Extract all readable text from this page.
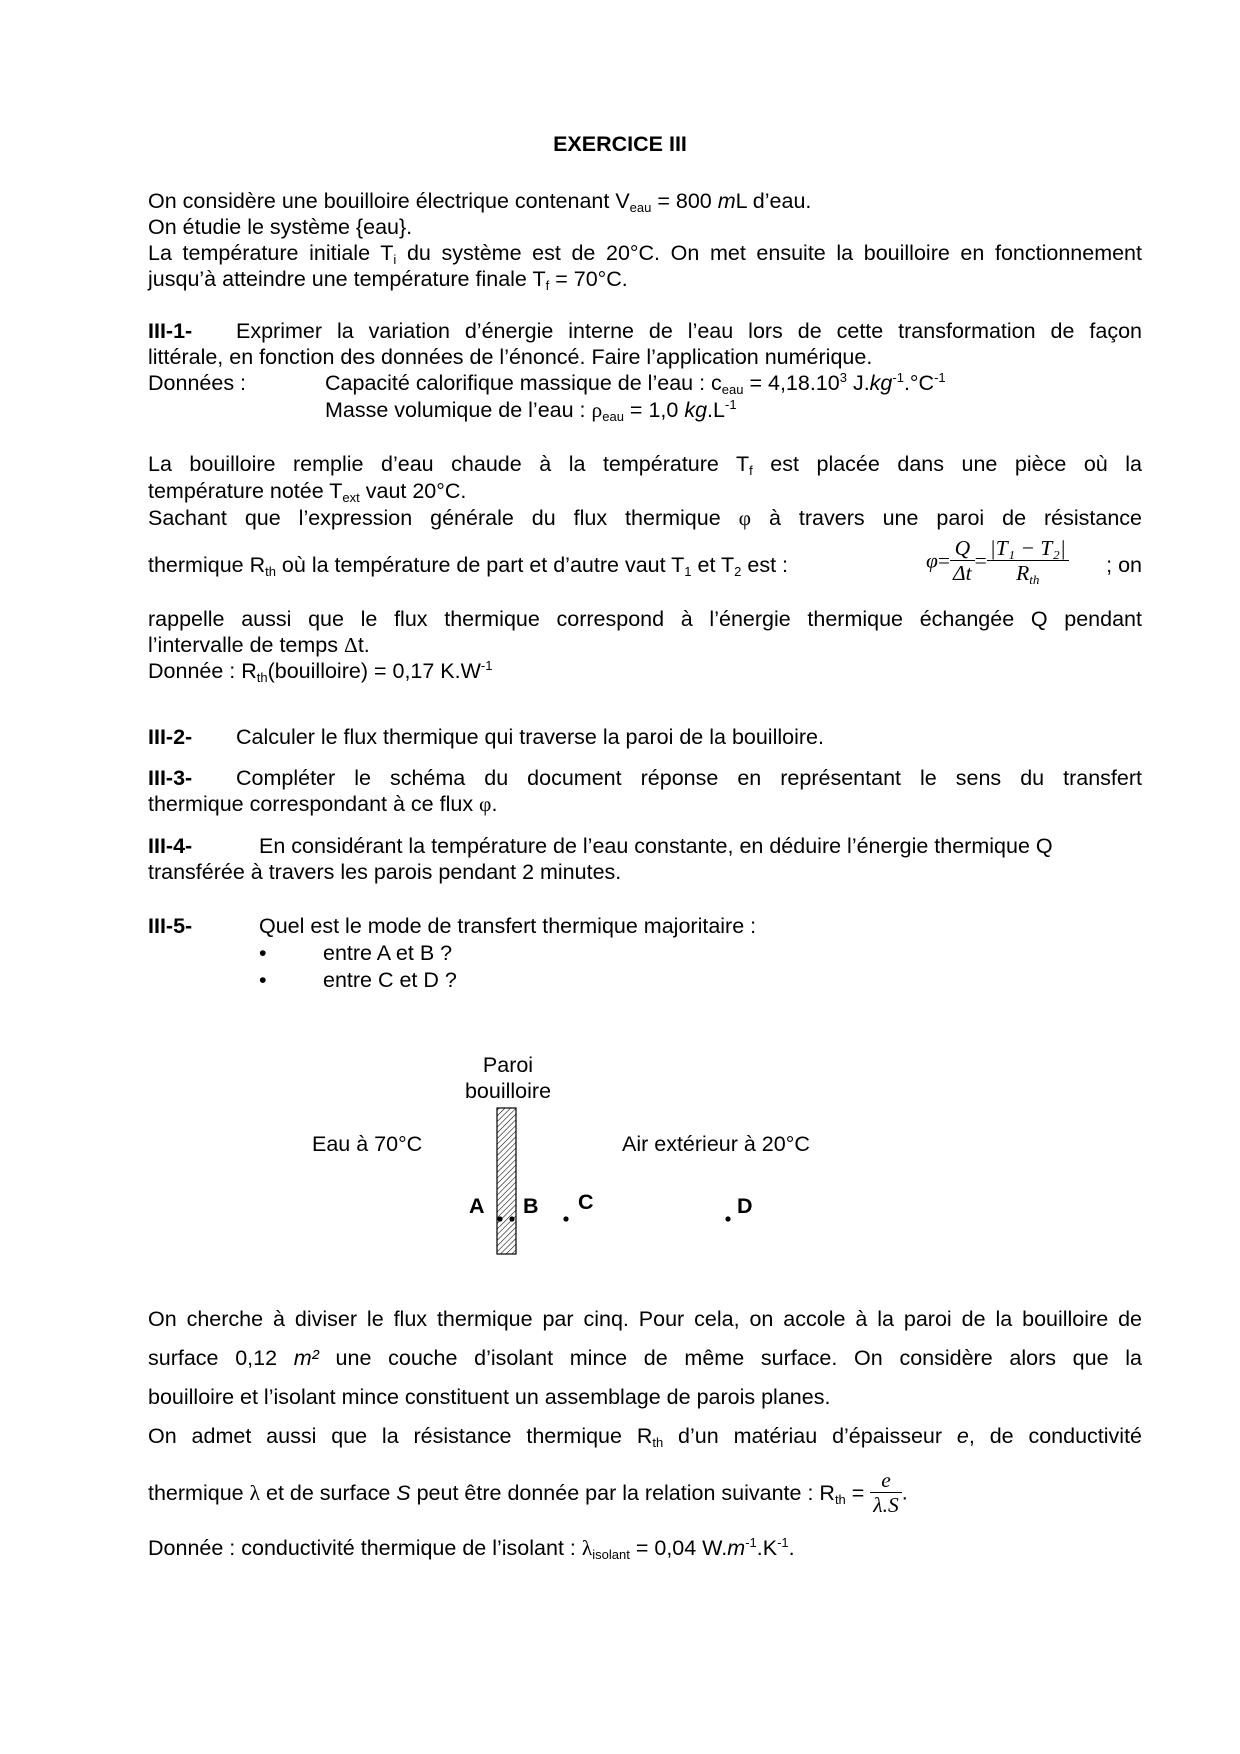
EXERCICE III
On considère une bouilloire électrique contenant $V_{eau} = 800$ mL d’eau.
On étudie le système {eau}.
La température initiale $T_i$ du système est de 20°C. On met ensuite la bouilloire en fonctionnement
jusqu’à atteindre une température finale $T_f = 70^\circ C$.
III-1- Exprimer la variation d’énergie interne de l’eau lors de cette transformation de façon
littérale, en fonction des données de l’énoncé. Faire l’application numérique.
Données :	Capacité calorifique massique de l’eau : $c_{eau} = 4,18.10^3$ $J.kg^{-1}.^\circ C^{-1}$
Masse volumique de l’eau : $\rho_{eau} = 1,0$ $kg.L^{-1}$
La bouilloire remplie d’eau chaude à la température $T_f$ est placée dans une pièce où la
température notée $T_{ext}$ vaut 20°C.
Sachant que l’expression générale du flux thermique φ à travers une paroi de résistance
thermique $R_{th}$ où la température de part et d’autre vaut $T_1$ et $T_2$ est :	$\varphi= \frac{Q}{\Delta t} = \frac{\text{|T₁ − T₂|}}{R_{th}}$ ; on
rappelle aussi que le flux thermique correspond à l’énergie thermique échangée Q pendant
l’intervalle de temps Δt.
Donnée : $R_{th}(bouilloire) = 0,17$ $K.W^{-1}$
III-2- Calculer le flux thermique qui traverse la paroi de la bouilloire.
III-3- Compléter le schéma du document réponse en représentant le sens du transfert
thermique correspondant à ce flux φ.
III-4-	En considérant la température de l’eau constante, en déduire l’énergie thermique Q
transférée à travers les parois pendant 2 minutes.
III-5-	Quel est le mode de transfert thermique majoritaire :
•	entre A et B ?
•	entre C et D ?
Paroi
bouilloire
Eau à 70°C	Air extérieur à 20°C
A B C	D
On cherche à diviser le flux thermique par cinq. Pour cela, on accole à la paroi de la bouilloire de
surface 0,12 m² une couche d’isolant mince de même surface. On considère alors que la
bouilloire et l’isolant mince constituent un assemblage de parois planes.
On admet aussi que la résistance thermique $R_{th}$ d’un matériau d’épaisseur e, de conductivité
thermique λ et de surface S peut être donnée par la relation suivante : $R_{th} = \frac{e}{\lambda.S}$ .
Donnée : conductivité thermique de l’isolant : $\lambda_{isolant} = 0,04$ $W.m^{-1}.K^{-1}$.
